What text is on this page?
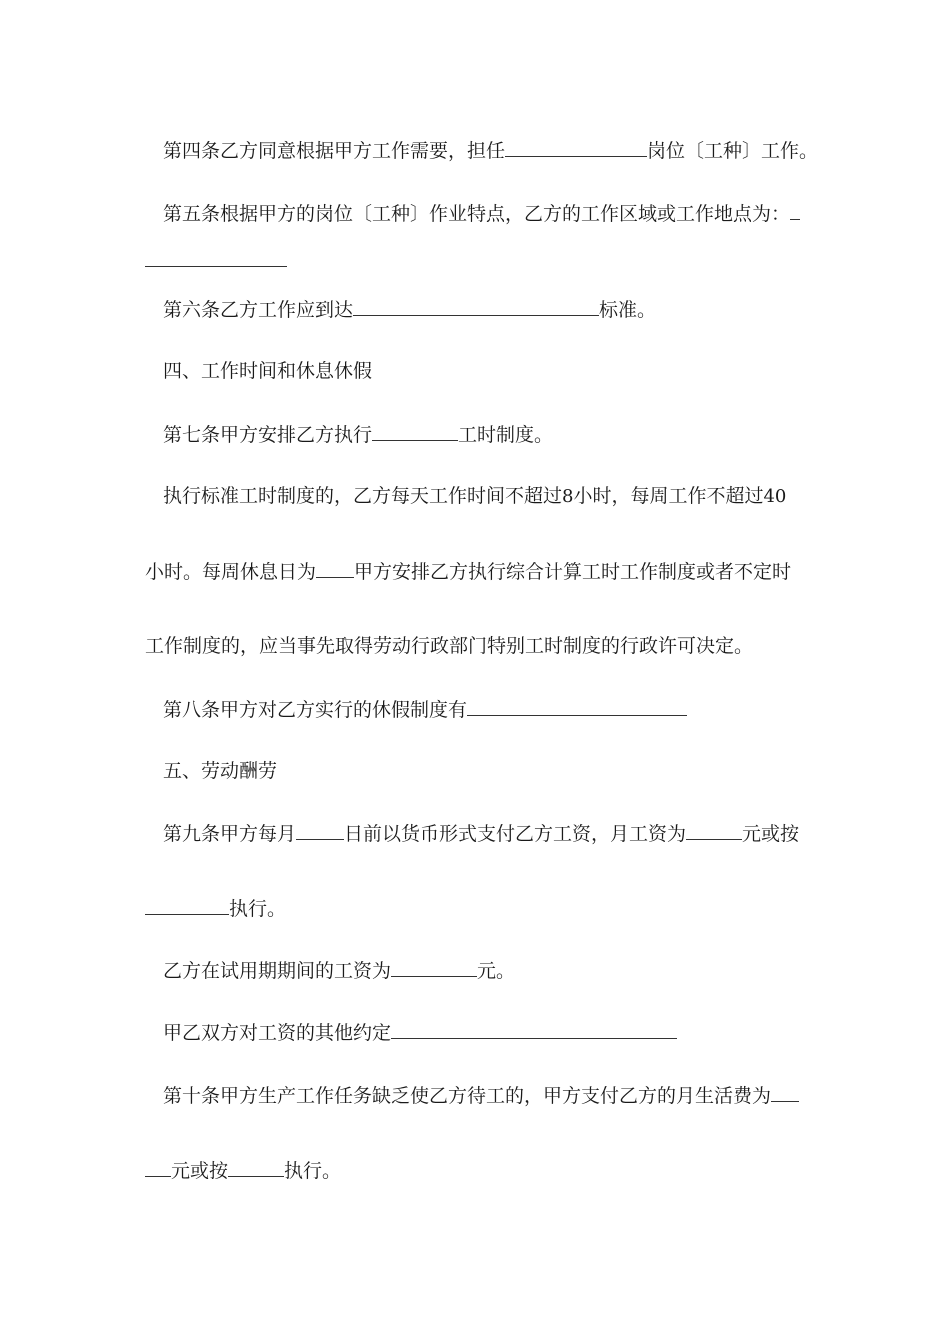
第四条乙方同意根据甲方工作需要，担任	岗位〔工种〕工作。
第五条根据甲方的岗位〔工种〕作业特点，乙方的工作区域或工作地点为：
第六条乙方工作应到达	标准。
四、工作时间和休息休假
第七条甲方安排乙方执行	工时制度。
执行标准工时制度的，乙方每天工作时间不超过8小时，每周工作不超过40
小时。每周休息日为 甲方安排乙方执行综合计算工时工作制度或者不定时
工作制度的，应当事先取得劳动行政部门特别工时制度的行政许可决定。
第八条甲方对乙方实行的休假制度有
五、劳动酬劳
第九条甲方每月	日前以货币形式支付乙方工资，月工资为	元或按
执行。
乙方在试用期期间的工资为	元。
甲乙双方对工资的其他约定
第十条甲方生产工作任务缺乏使乙方待工的，甲方支付乙方的月生活费为
元或按	执行。
